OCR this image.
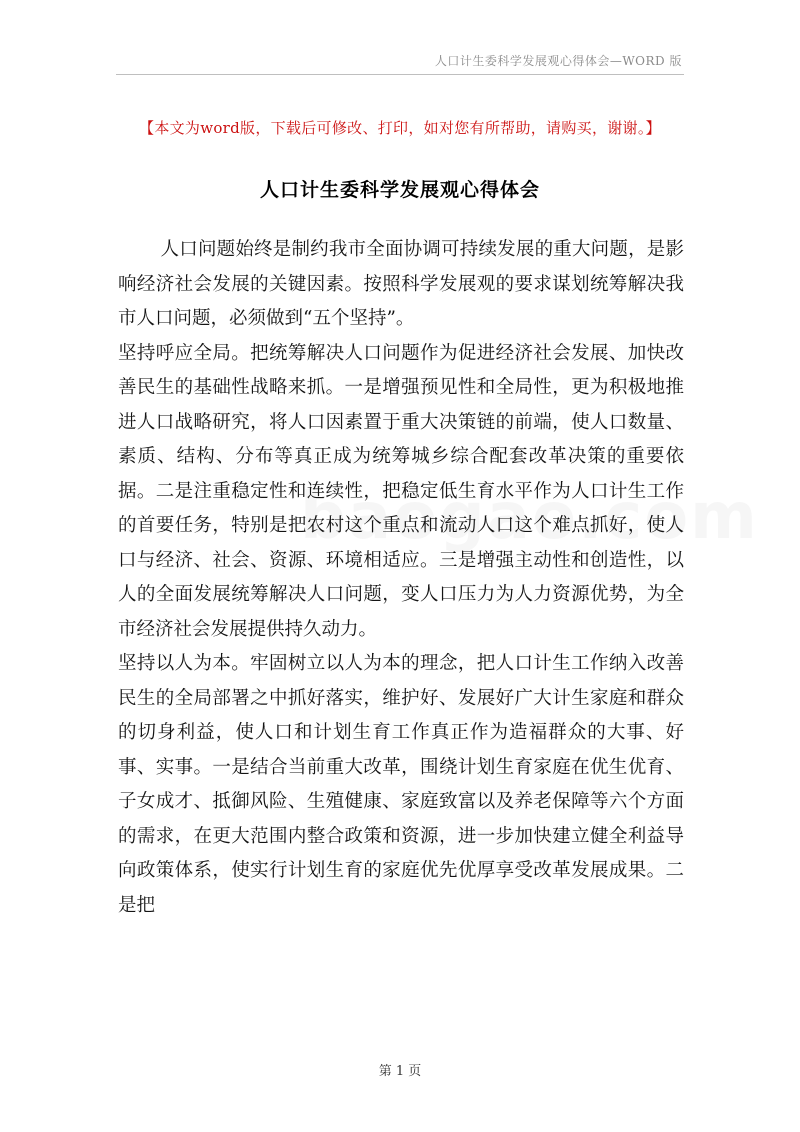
人口计生委科学发展观心得体会—WORD 版
【本文为word版，下载后可修改、打印，如对您有所帮助，请购买，谢谢。】
人口计生委科学发展观心得体会

人口问题始终是制约我市全面协调可持续发展的重大问题，是影响经济社会发展的关键因素。按照科学发展观的要求谋划统筹解决我市人口问题，必须做到“五个坚持”。

坚持呼应全局。把统筹解决人口问题作为促进经济社会发展、加快改善民生的基础性战略来抓。一是增强预见性和全局性，更为积极地推进人口战略研究，将人口因素置于重大决策链的前端，使人口数量、素质、结构、分布等真正成为统筹城乡综合配套改革决策的重要依据。二是注重稳定性和连续性，把稳定低生育水平作为人口计生工作的首要任务，特别是把农村这个重点和流动人口这个难点抓好，使人口与经济、社会、资源、环境相适应。三是增强主动性和创造性，以人的全面发展统筹解决人口问题，变人口压力为人力资源优势，为全市经济社会发展提供持久动力。

坚持以人为本。牢固树立以人为本的理念，把人口计生工作纳入改善民生的全局部署之中抓好落实，维护好、发展好广大计生家庭和群众的切身利益，使人口和计划生育工作真正作为造福群众的大事、好事、实事。一是结合当前重大改革，围绕计划生育家庭在优生优育、子女成才、抵御风险、生殖健康、家庭致富以及养老保障等六个方面的需求，在更大范围内整合政策和资源，进一步加快建立健全利益导向政策体系，使实行计划生育的家庭优先优厚享受改革发展成果。二是把

第 1 页
